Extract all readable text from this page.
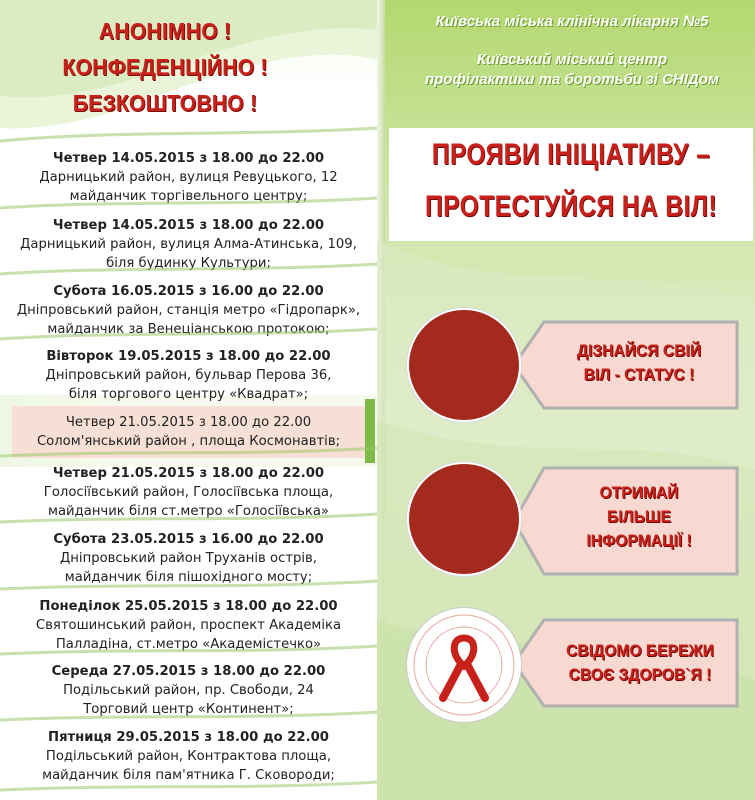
АНОНІМНО !
КОНФЕДЕНЦІЙНО !
БЕЗКОШТОВНО !
Четвер 14.05.2015 з 18.00 до 22.00
Дарницький район, вулиця Ревуцького, 12
майданчик торгівельного центру;
Четвер 14.05.2015 з 18.00 до 22.00
Дарницький район, вулиця Алма-Атинська, 109,
біля будинку Культури;
Субота 16.05.2015 з 16.00 до 22.00
Дніпровський район, станція метро «Гідропарк»,
майданчик за Венеціанською протокою;
Вівторок 19.05.2015 з 18.00 до 22.00
Дніпровський район, бульвар Перова 36,
біля торгового центру «Квадрат»;
Четвер 21.05.2015 з 18.00 до 22.00
Солом'янський район , площа Космонавтів;
Четвер 21.05.2015 з 18.00 до 22.00
Голосіївський район, Голосіївська площа,
майданчик біля ст.метро «Голосіївська»
Субота 23.05.2015 з 16.00 до 22.00
Дніпровський район Труханів острів,
майданчик біля пішохідного мосту;
Понеділок 25.05.2015 з 18.00 до 22.00
Святошинський район, проспект Академіка
Палладіна, ст.метро «Академістечко»
Середа 27.05.2015 з 18.00 до 22.00
Подільський район, пр. Свободи, 24
Торговий центр «Континент»;
Пятниця 29.05.2015 з 18.00 до 22.00
Подільський район, Контрактова площа,
майданчик біля пам'ятника Г. Сковороди;
Київська міська клінічна лікарня №5
Київський міський центр
профілактики та боротьби зі СНІДом
ПРОЯВИ ІНІЦІАТИВУ –
ПРОТЕСТУЙСЯ НА ВІЛ!
ДІЗНАЙСЯ СВІЙ
ВІЛ - СТАТУС !
ОТРИМАЙ
БІЛЬШЕ
ІНФОРМАЦІЇ !
СВІДОМО БЕРЕЖИ
СВОЄ ЗДОРОВ`Я !
